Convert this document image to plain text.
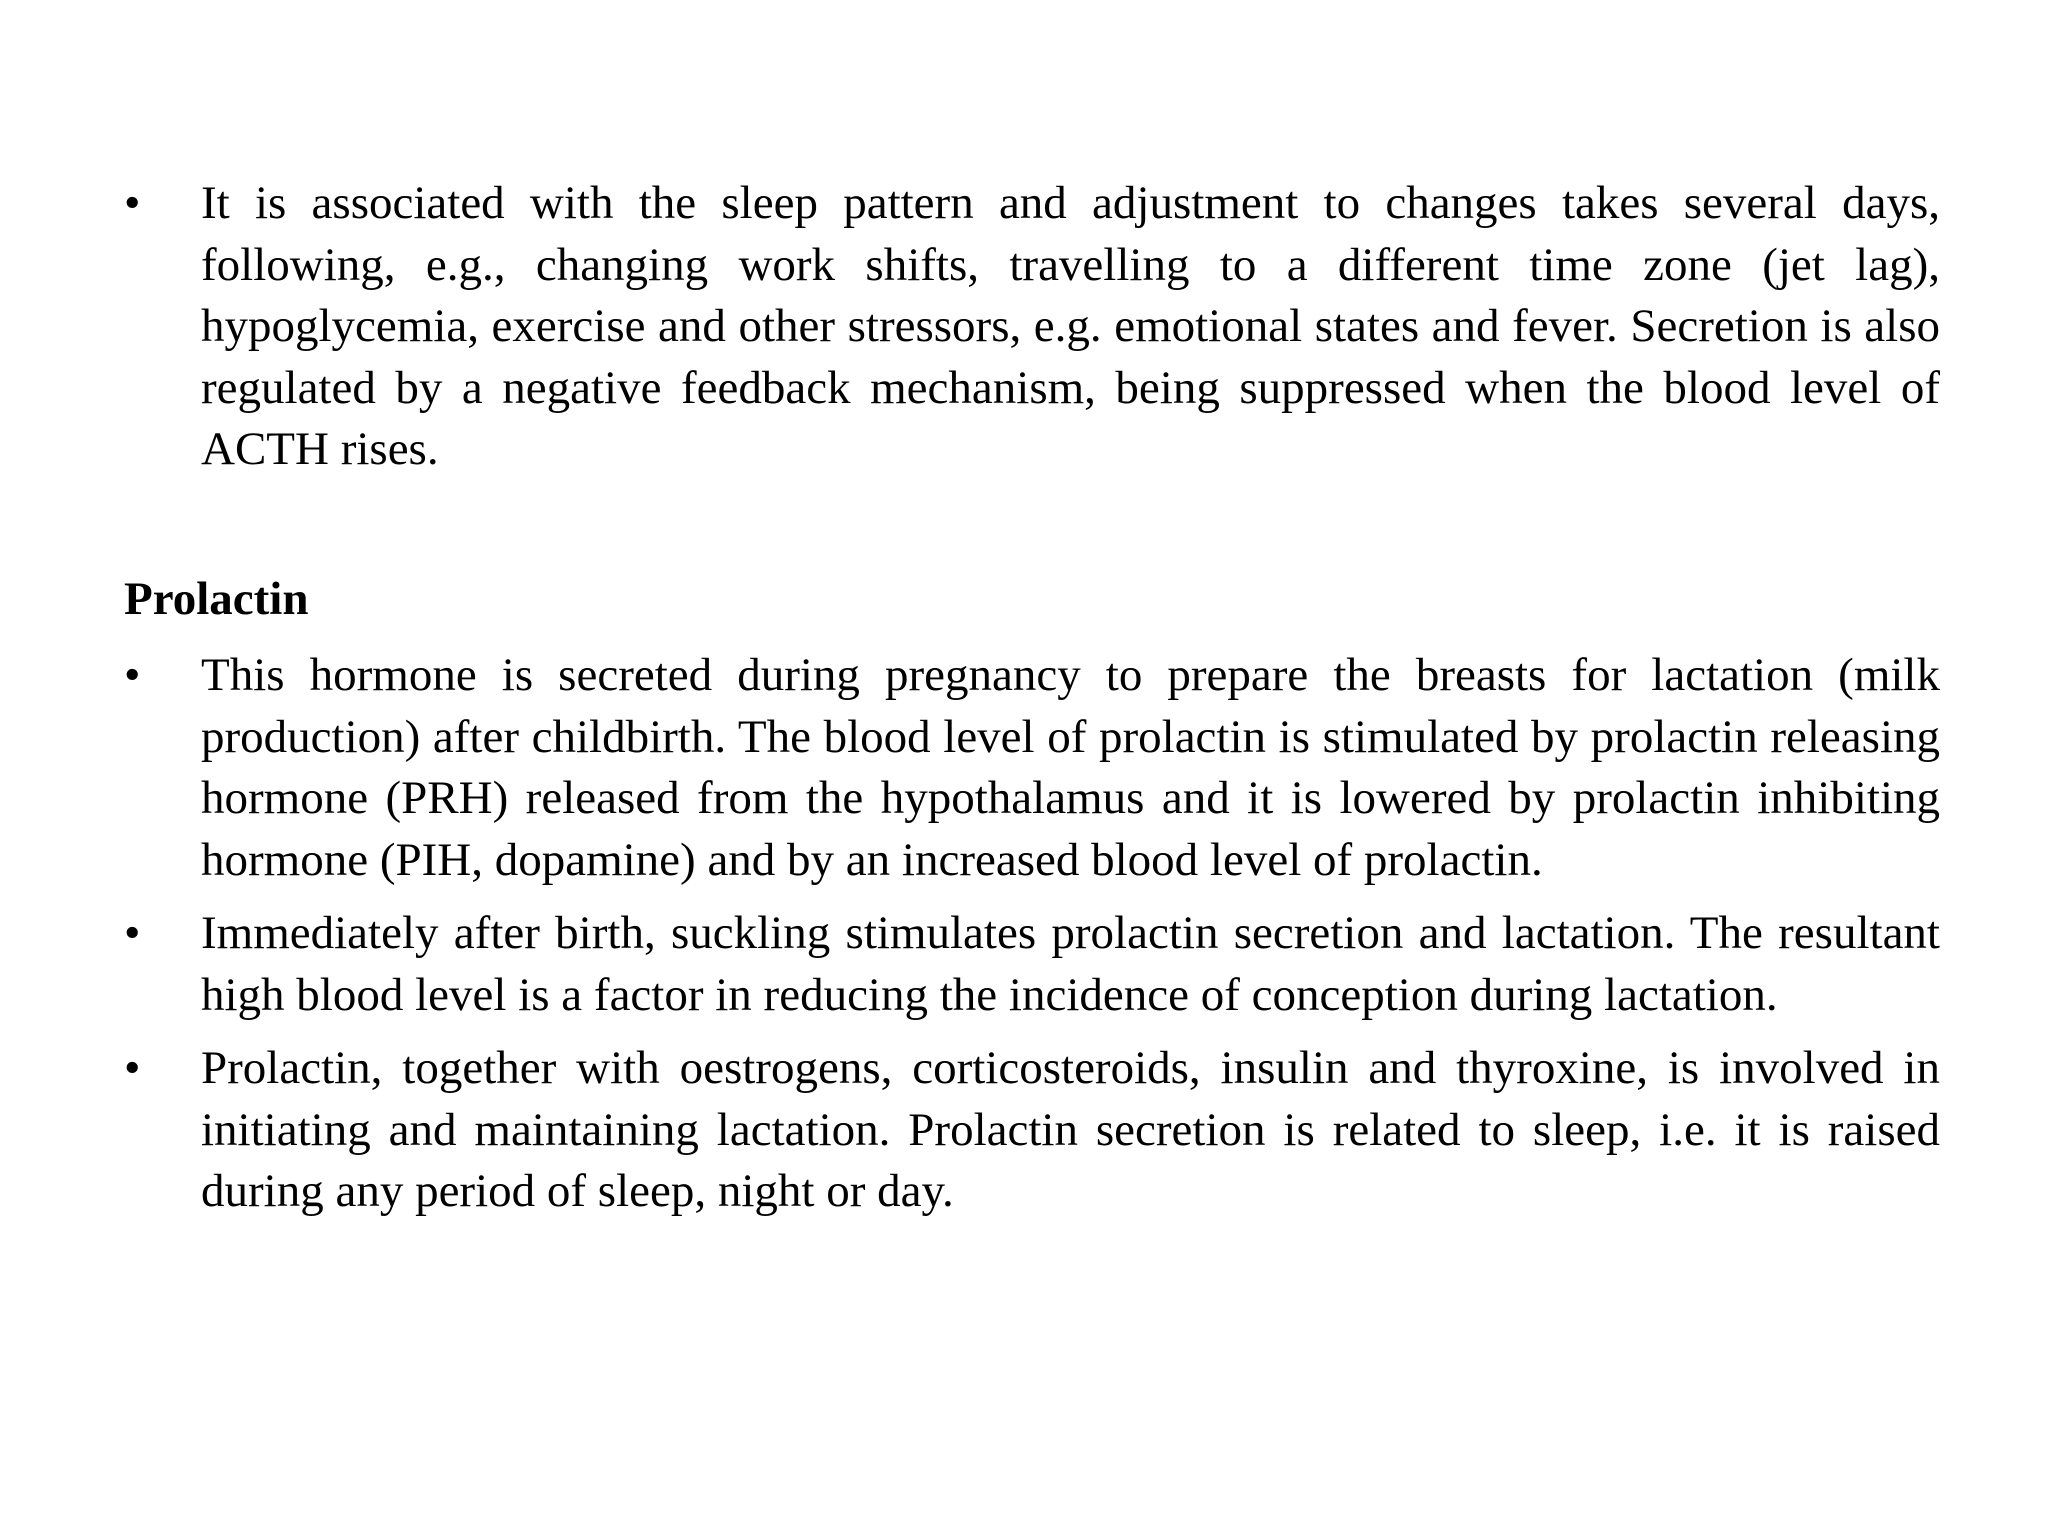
•	It is associated with the sleep pattern and adjustment to changes takes several days, following, e.g., changing work shifts, travelling to a different time zone (jet lag), hypoglycemia, exercise and other stressors, e.g. emotional states and fever. Secretion is also regulated by a negative feedback mechanism, being suppressed when the blood level of ACTH rises.
Prolactin
•	This hormone is secreted during pregnancy to prepare the breasts for lactation (milk production) after childbirth. The blood level of prolactin is stimulated by prolactin releasing hormone (PRH) released from the hypothalamus and it is lowered by prolactin inhibiting hormone (PIH, dopamine) and by an increased blood level of prolactin.
•	Immediately after birth, suckling stimulates prolactin secretion and lactation. The resultant high blood level is a factor in reducing the incidence of conception during lactation.
•	Prolactin, together with oestrogens, corticosteroids, insulin and thyroxine, is involved in initiating and maintaining lactation. Prolactin secretion is related to sleep, i.e. it is raised during any period of sleep, night or day.
